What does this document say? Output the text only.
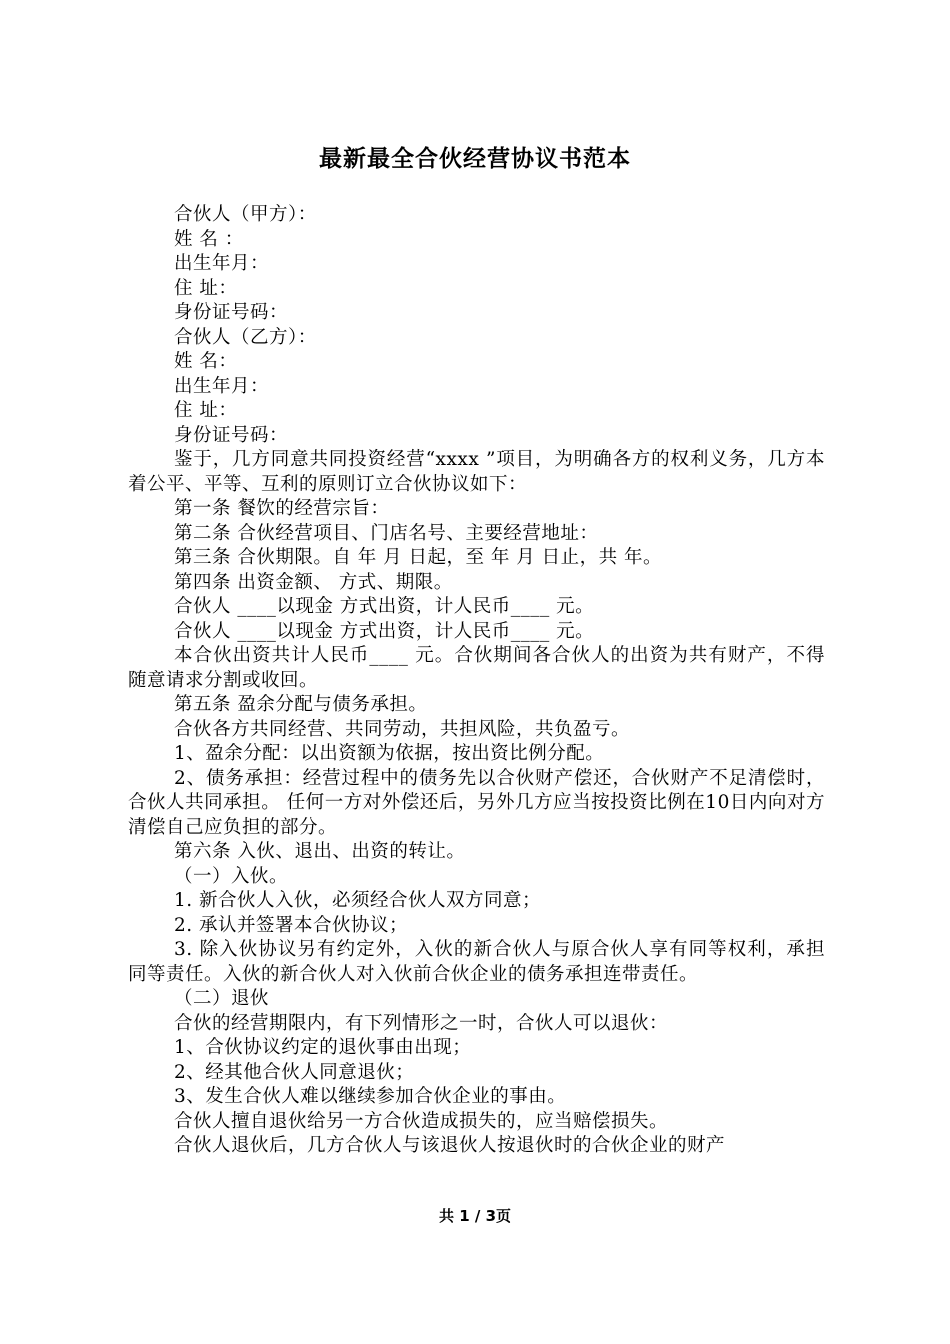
最新最全合伙经营协议书范本

合伙人（甲方）：

姓 名 ：

出生年月：

住 址：

身份证号码：

合伙人（乙方）：

姓 名：

出生年月：

住 址：

身份证号码：

鉴于，几方同意共同投资经营“xxxx ”项目，为明确各方的权利义务，几方本着公平、平等、互利的原则订立合伙协议如下：

第一条 餐饮的经营宗旨：

第二条 合伙经营项目、门店名号、主要经营地址：

第三条 合伙期限。自 年 月 日起，至 年 月 日止，共 年。

第四条 出资金额、 方式、期限。

合伙人 ____以现金 方式出资，计人民币____ 元。

合伙人 ____以现金 方式出资，计人民币____ 元。

本合伙出资共计人民币____ 元。合伙期间各合伙人的出资为共有财产，不得随意请求分割或收回。

第五条 盈余分配与债务承担。

合伙各方共同经营、共同劳动，共担风险，共负盈亏。

1、盈余分配：以出资额为依据，按出资比例分配。

2、债务承担：经营过程中的债务先以合伙财产偿还，合伙财产不足清偿时，合伙人共同承担。 任何一方对外偿还后，另外几方应当按投资比例在10日内向对方清偿自己应负担的部分。

第六条 入伙、退出、出资的转让。

（一）入伙。

1. 新合伙人入伙，必须经合伙人双方同意；

2. 承认并签署本合伙协议；

3. 除入伙协议另有约定外，入伙的新合伙人与原合伙人享有同等权利，承担同等责任。入伙的新合伙人对入伙前合伙企业的债务承担连带责任。

（二）退伙

合伙的经营期限内，有下列情形之一时，合伙人可以退伙：

1、合伙协议约定的退伙事由出现；

2、经其他合伙人同意退伙；

3、发生合伙人难以继续参加合伙企业的事由。

合伙人擅自退伙给另一方合伙造成损失的，应当赔偿损失。

合伙人退伙后，几方合伙人与该退伙人按退伙时的合伙企业的财产

共 1 / 3页
